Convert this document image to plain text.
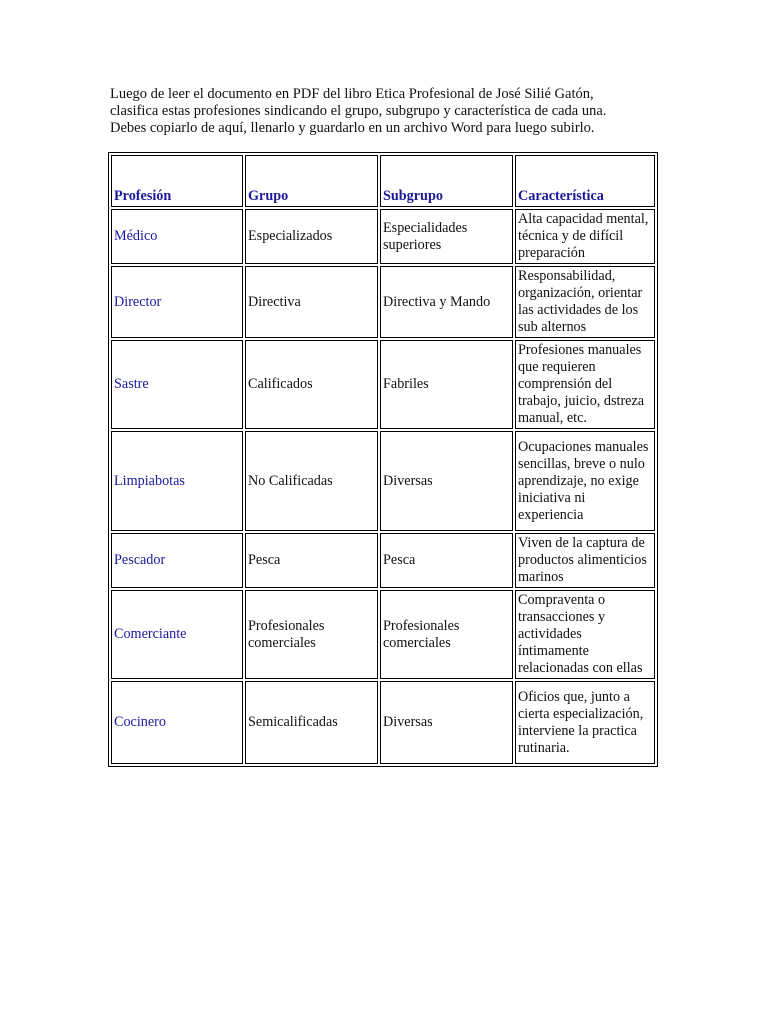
Luego de leer el documento en PDF del libro Etica Profesional de José Silié Gatón,
clasifica estas profesiones sindicando el grupo, subgrupo y característica de cada una.
Debes copiarlo de aquí, llenarlo y guardarlo en un archivo Word para luego subirlo.
Profesión	Grupo	Subgrupo	Característica
Médico	Especializados	Especialidades superiores	Alta capacidad mental, técnica y de difícil preparación
Director	Directiva	Directiva y Mando	Responsabilidad, organización, orientar las actividades de los sub alternos
Sastre	Calificados	Fabriles	Profesiones manuales que requieren comprensión del trabajo, juicio, dstreza manual, etc.
Limpiabotas	No Calificadas	Diversas	Ocupaciones manuales sencillas, breve o nulo aprendizaje, no exige iniciativa ni experiencia
Pescador	Pesca	Pesca	Viven de la captura de productos alimenticios marinos
Comerciante	Profesionales comerciales	Profesionales comerciales	Compraventa o transacciones y actividades íntimamente relacionadas con ellas
Cocinero	Semicalificadas	Diversas	Oficios que, junto a cierta especialización, interviene la practica rutinaria.
